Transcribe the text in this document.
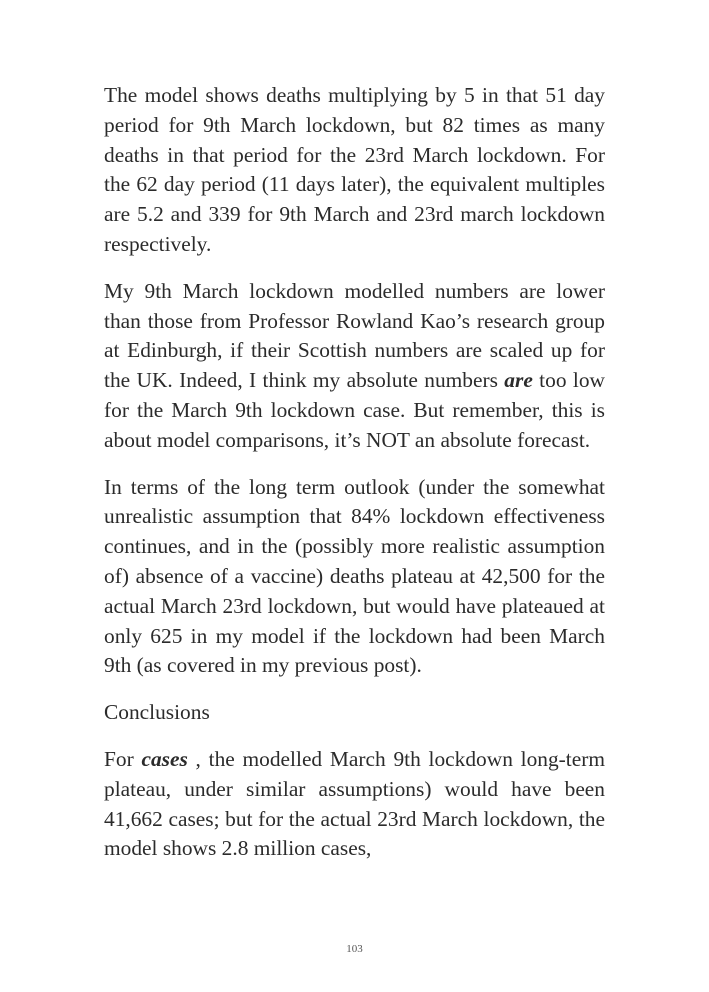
The model shows deaths multiplying by 5 in that 51 day period for 9th March lockdown, but 82 times as many deaths in that period for the 23rd March lockdown. For the 62 day period (11 days later), the equivalent multiples are 5.2 and 339 for 9th March and 23rd march lockdown respectively.

My 9th March lockdown modelled numbers are lower than those from Professor Rowland Kao’s research group at Edinburgh, if their Scottish numbers are scaled up for the UK. Indeed, I think my absolute numbers are too low for the March 9th lockdown case. But remember, this is about model comparisons, it’s NOT an absolute forecast.

In terms of the long term outlook (under the somewhat unrealistic assumption that 84% lockdown effectiveness continues, and in the (possibly more realistic assumption of) absence of a vaccine) deaths plateau at 42,500 for the actual March 23rd lockdown, but would have plateaued at only 625 in my model if the lockdown had been March 9th (as covered in my previous post).

Conclusions

For cases , the modelled March 9th lockdown long-term plateau, under similar assumptions) would have been 41,662 cases; but for the actual 23rd March lockdown, the model shows 2.8 million cases,

103
